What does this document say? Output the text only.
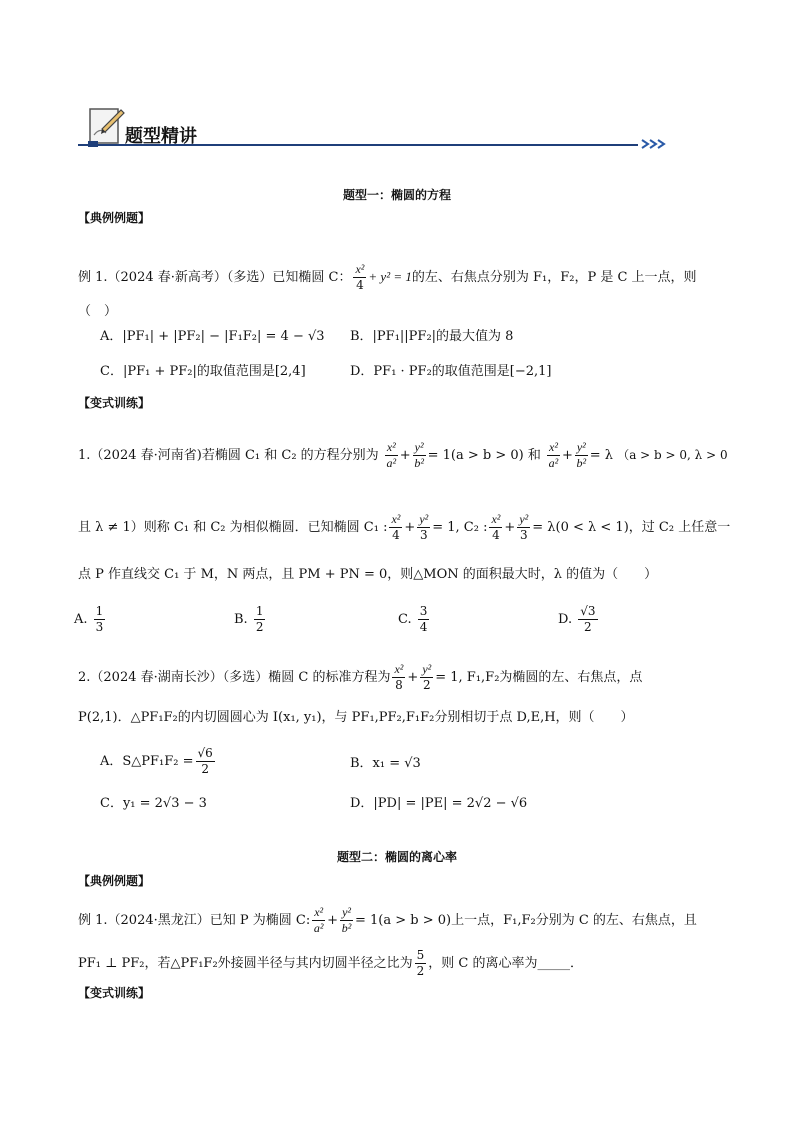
题型精讲
题型一：椭圆的方程
【典例例题】
例 1.（2024 春·新高考）（多选）已知椭圆 C： $\frac{\text{x²}}{4} + y^2 = 1$的左、右焦点分别为 F₁，F₂，P 是 C 上一点，则
（　）
A．|PF₁| + |PF₂| − |F₁F₂| = 4 − √3 B．|PF₁||PF₂|的最大值为 8
C．|PF₁ + PF₂|的取值范围是[2,4]	D．PF₁ · PF₂的取值范围是[−2,1]
【变式训练】
1.（2024 春·河南省)若椭圆 C₁ 和 C₂ 的方程分别为 $\frac{\text{x²}}{\text{a²}} + \frac{\text{y²}}{\text{b²}} = 1(a > b > 0)$ 和 $\frac{\text{x²}}{\text{a²}} + \frac{\text{y²}}{\text{b²}} = \lambda$ （a > b > 0, λ > 0
且 λ ≠ 1）则称 C₁ 和 C₂ 为相似椭圆．已知椭圆 C₁ : $\frac{\text{x²}}{4} + \frac{\text{y²}}{3} = 1$, C₂ : $\frac{\text{x²}}{4} + \frac{\text{y²}}{3} = \lambda(0 < \lambda < 1)$，过 C₂ 上任意一
点 P 作直线交 C₁ 于 M，N 两点，且 PM + PN = 0，则△MON 的面积最大时，λ 的值为（　　）
A. $\frac{1}{3}$	B. $\frac{1}{2}$	C. $\frac{3}{4}$	D. $\frac{√3}{2}$
2.（2024 春·湖南长沙）（多选）椭圆 C 的标准方程为 $\frac{\text{x²}}{8} + \frac{\text{y²}}{2} = 1$, F₁,F₂为椭圆的左、右焦点，点
P(2,1)．△PF₁F₂的内切圆圆心为 I(x₁, y₁)，与 PF₁,PF₂,F₁F₂分别相切于点 D,E,H，则（　　）
A．S△PF₁F₂ = $\frac{√6}{2}$	B．x₁ = √3
C．y₁ = 2√3 − 3	D．|PD| = |PE| = 2√2 − √6
题型二：椭圆的离心率
【典例例题】
例 1.（2024·黑龙江）已知 P 为椭圆 C: $\frac{\text{x²}}{\text{a²}} + \frac{\text{y²}}{\text{b²}} = 1(a > b > 0)$上一点，F₁,F₂分别为 C 的左、右焦点，且
PF₁ ⊥ PF₂，若△PF₁F₂外接圆半径与其内切圆半径之比为 $\frac{5}{2}$ ，则 C 的离心率为_____．
【变式训练】
